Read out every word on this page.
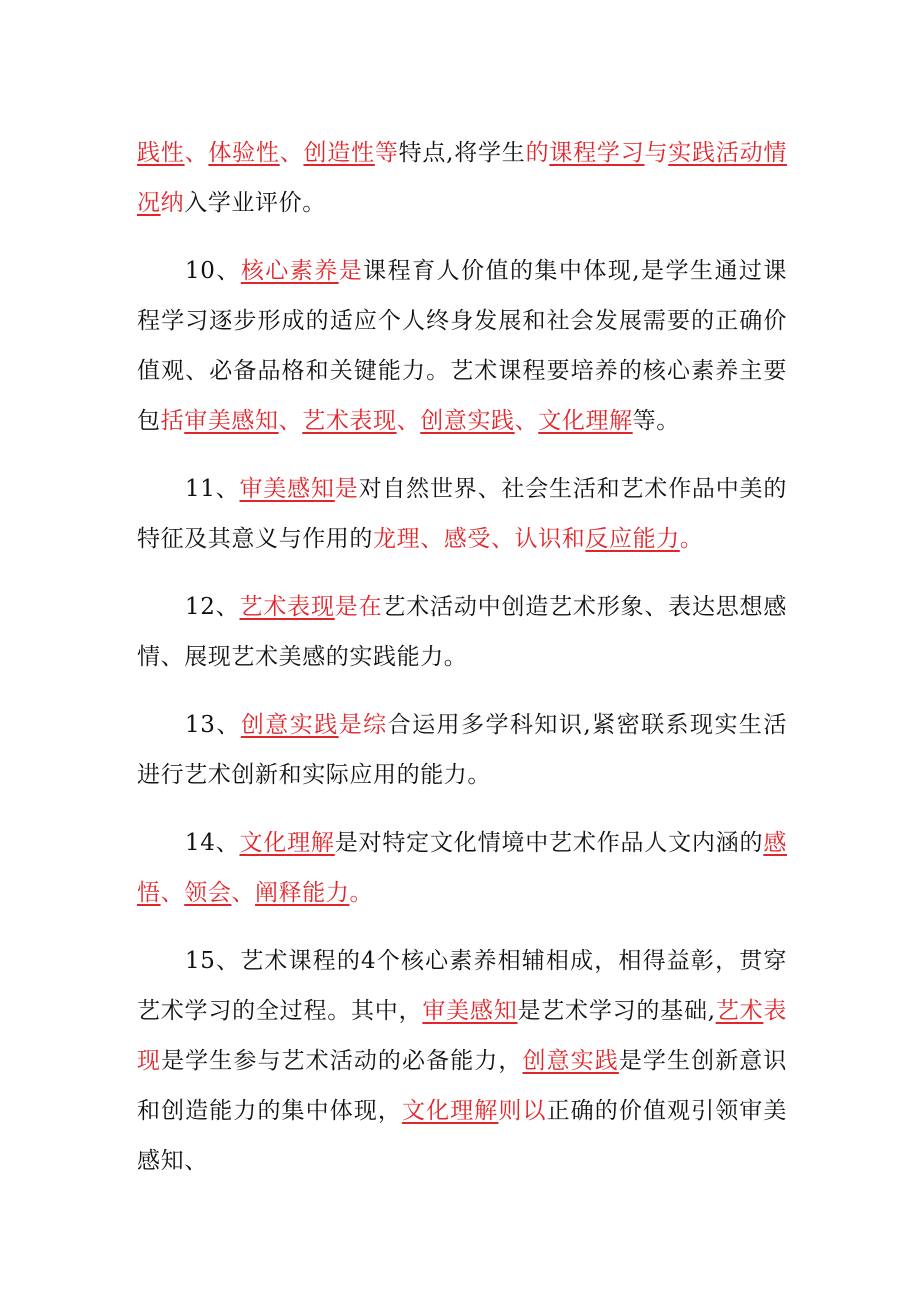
践性、体验性、创造性等特点,将学生的课程学习与实践活动情况纳入学业评价。

10、核心素养是课程育人价值的集中体现,是学生通过课程学习逐步形成的适应个人终身发展和社会发展需要的正确价值观、必备品格和关键能力。艺术课程要培养的核心素养主要包括审美感知、艺术表现、创意实践、文化理解等。

11、审美感知是对自然世界、社会生活和艺术作品中美的特征及其意义与作用的龙理、感受、认识和反应能力。

12、艺术表现是在艺术活动中创造艺术形象、表达思想感情、展现艺术美感的实践能力。

13、创意实践是综合运用多学科知识,紧密联系现实生活进行艺术创新和实际应用的能力。

14、文化理解是对特定文化情境中艺术作品人文内涵的感悟、领会、阐释能力。

15、艺术课程的4个核心素养相辅相成，相得益彰，贯穿艺术学习的全过程。其中，审美感知是艺术学习的基础,艺术表现是学生参与艺术活动的必备能力，创意实践是学生创新意识和创造能力的集中体现，文化理解则以正确的价值观引领审美感知、
